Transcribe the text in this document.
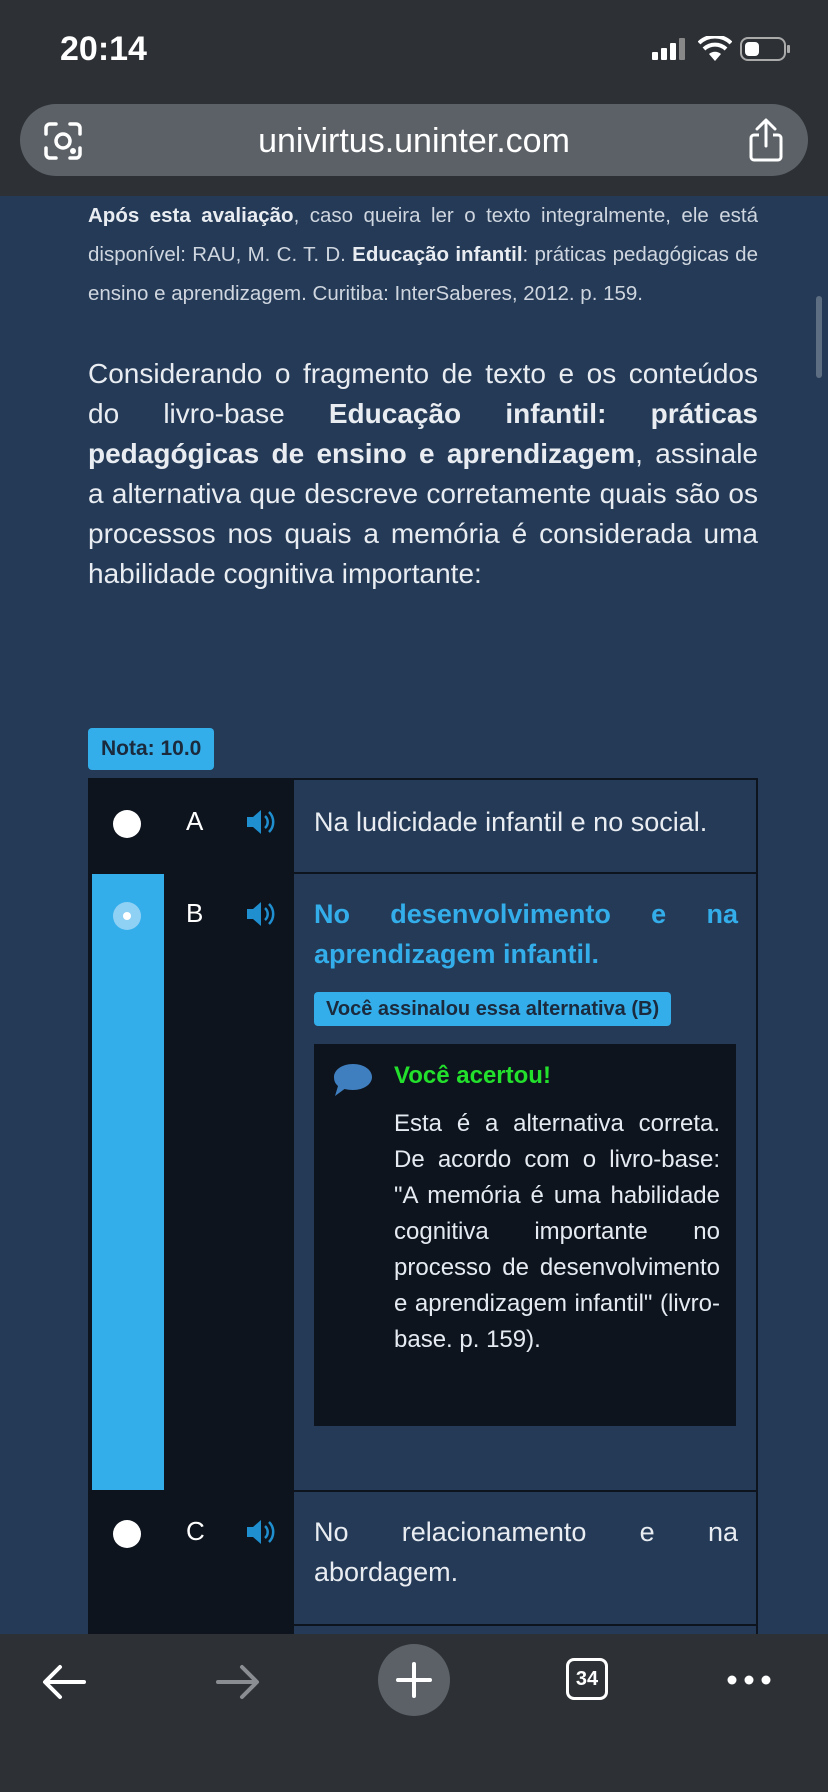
20:14
univirtus.uninter.com
Após esta avaliação, caso queira ler o texto integralmente, ele está disponível: RAU, M. C. T. D. Educação infantil: práticas pedagógicas de ensino e aprendizagem. Curitiba: InterSaberes, 2012. p. 159.
Considerando o fragmento de texto e os conteúdos do livro-base Educação infantil: práticas pedagógicas de ensino e aprendizagem, assinale a alternativa que descreve corretamente quais são os processos nos quais a memória é considerada uma habilidade cognitiva importante:
Nota: 10.0
A	Na ludicidade infantil e no social.
B	No desenvolvimento e na aprendizagem infantil.
Você assinalou essa alternativa (B)
Você acertou!
Esta é a alternativa correta. De acordo com o livro-base: "A memória é uma habilidade cognitiva importante no processo de desenvolvimento e aprendizagem infantil" (livro-base. p. 159).
C	No relacionamento e na abordagem.
34
